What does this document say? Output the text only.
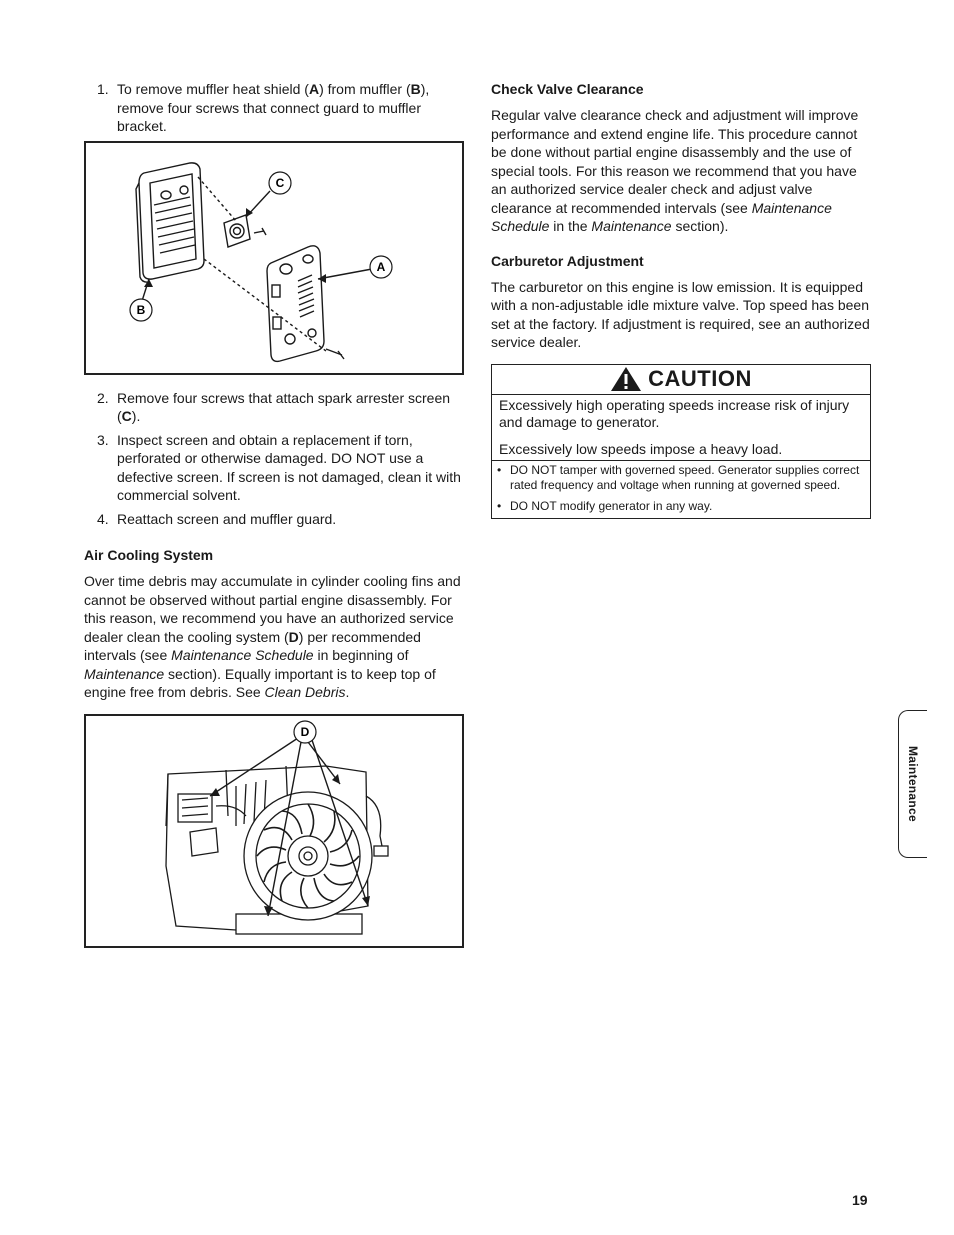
1. To remove muffler heat shield (A) from muffler (B), remove four screws that connect guard to muffler bracket.
C
A
B
2. Remove four screws that attach spark arrester screen (C).
3. Inspect screen and obtain a replacement if torn, perforated or otherwise damaged. DO NOT use a defective screen. If screen is not damaged, clean it with commercial solvent.
4. Reattach screen and muffler guard.
Air Cooling System

Over time debris may accumulate in cylinder cooling fins and cannot be observed without partial engine disassembly. For this reason, we recommend you have an authorized service dealer clean the cooling system (D) per recommended intervals (see Maintenance Schedule in beginning of Maintenance section). Equally important is to keep top of engine free from debris. See Clean Debris.

D
Check Valve Clearance

Regular valve clearance check and adjustment will improve performance and extend engine life. This procedure cannot be done without partial engine disassembly and the use of special tools. For this reason we recommend that you have an authorized service dealer check and adjust valve clearance at recommended intervals (see Maintenance Schedule in the Maintenance section).

Carburetor Adjustment

The carburetor on this engine is low emission. It is equipped with a non-adjustable idle mixture valve. Top speed has been set at the factory. If adjustment is required, see an authorized service dealer.

CAUTION

Excessively high operating speeds increase risk of injury and damage to generator.

Excessively low speeds impose a heavy load.

• DO NOT tamper with governed speed. Generator supplies correct rated frequency and voltage when running at governed speed.
• DO NOT modify generator in any way.
Maintenance
19
